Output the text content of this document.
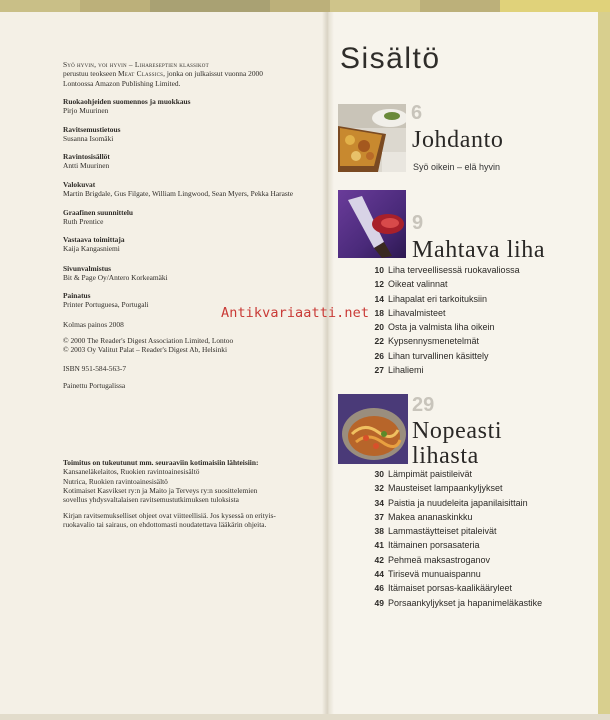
Syö hyvin, voi hyvin – Lihareseptien klassikot
perustuu teokseen Meat Classics, jonka on julkaissut vuonna 2000
Lontoossa Amazon Publishing Limited.
Ruokaohjeiden suomennos ja muokkaus
Pirjo Muurinen
Ravitsemustietous
Susanna Isomäki
Ravintosisällöt
Antti Muurinen
Valokuvat
Martin Brigdale, Gus Filgate, William Lingwood, Sean Myers, Pekka Haraste
Graafinen suunnittelu
Ruth Prentice
Vastaava toimittaja
Kaija Kangasniemi
Sivunvalmistus
Bit & Page Oy/Antero Korkeamäki
Painatus
Printer Portuguesa, Portugali
Kolmas painos 2008
© 2000 The Reader's Digest Association Limited, Lontoo
© 2003 Oy Valitut Palat – Reader's Digest Ab, Helsinki
ISBN 951-584-563-7
Painettu Portugalissa
Toimitus on tukeutunut mm. seuraaviin kotimaisiin lähteisiin:
Kansaneläkelaitos, Ruokien ravintoainesisältö
Nutrica, Ruokien ravintoainesisältö
Kotimaiset Kasvikset ry:n ja Maito ja Terveys ry:n suosittelemien
sovellus yhdysvaltalaisen ravitsemustutkimuksen tuloksista
Kirjan ravitsemukselliset ohjeet ovat viitteellisiä. Jos kysessä on erityis-
ruokavalio tai sairaus, on ehdottomasti noudatettava lääkärin ohjeita.
Sisältö
6
Johdanto
Syö oikein – elä hyvin
9
Mahtava liha
10 Liha terveellisessä ruokavaliossa
12 Oikeat valinnat
14 Lihapalat eri tarkoituksiin
18 Lihavalmisteet
20 Osta ja valmista liha oikein
22 Kypsennysmenetelmät
26 Lihan turvallinen käsittely
27 Lihaliemi
29
Nopeasti
lihasta
30 Lämpimät paistileivät
32 Mausteiset lampaankyljykset
34 Paistia ja nuudeleita japanilaisittain
37 Makea ananaskinkku
38 Lammastäytteiset pitaleivät
41 Itämainen porsasateria
42 Pehmeä maksastroganov
44 Tirisevä munuaispannu
46 Itämaiset porsas-kaalikääryleet
49 Porsaankyljykset ja hapanimeläkastike
Antikvariaatti.net
